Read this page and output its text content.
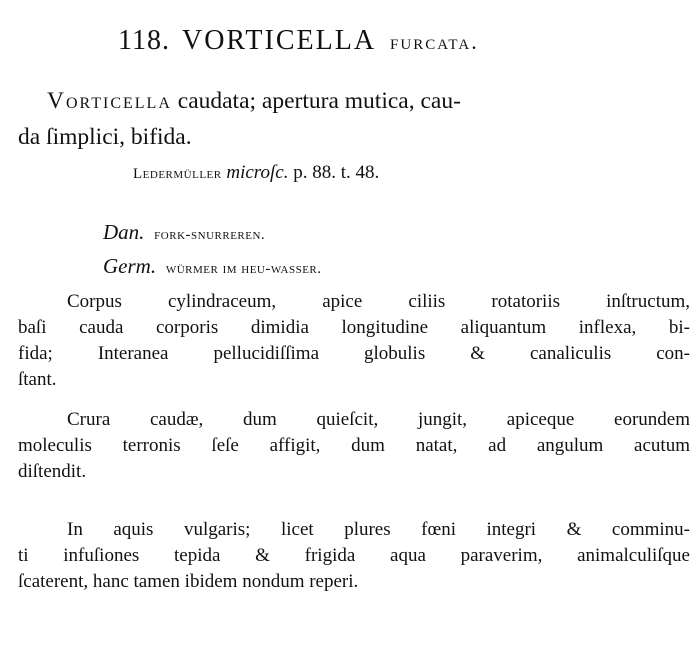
118. VORTICELLA furcata.
Vorticella caudata; apertura mutica, cau-
da ſimplici, bifida.
Ledermüller microſc. p. 88. t. 48.
Dan. fork-snurreren.
Germ. würmer im heu-wasser.
Corpus cylindraceum, apice ciliis rotatoriis inſtructum,
baſi cauda corporis dimidia longitudine aliquantum inflexa, bi-
fida; Interanea pellucidiſſima globulis & canaliculis con-
ſtant.
Crura caudæ, dum quieſcit, jungit, apiceque eorundem
moleculis terronis ſeſe affigit, dum natat, ad angulum acutum
diſtendit.
In aquis vulgaris; licet plures fœni integri & comminu-
ti infuſiones tepida & frigida aqua paraverim, animalculiſque
ſcaterent, hanc tamen ibidem nondum reperi.
